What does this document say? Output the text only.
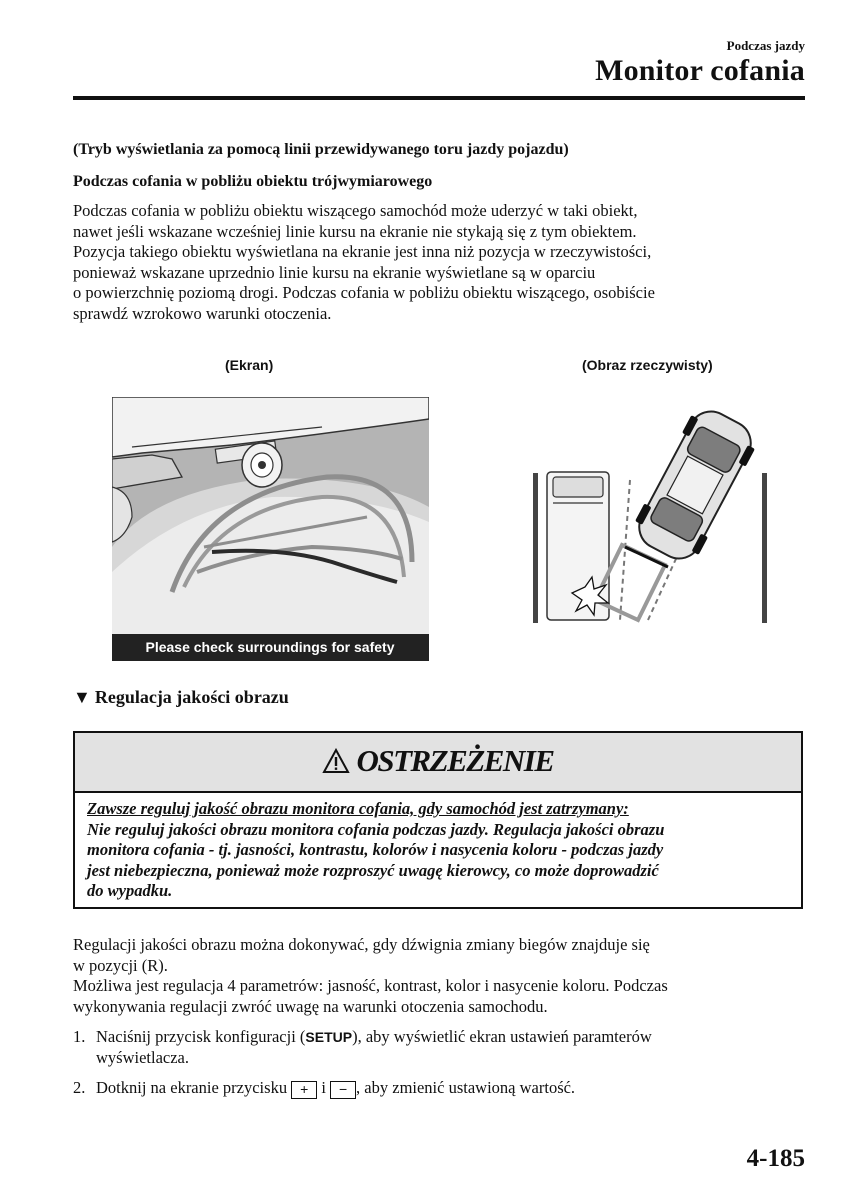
Podczas jazdy
Monitor cofania
(Tryb wyświetlania za pomocą linii przewidywanego toru jazdy pojazdu)
Podczas cofania w pobliżu obiektu trójwymiarowego
Podczas cofania w pobliżu obiektu wiszącego samochód może uderzyć w taki obiekt,
nawet jeśli wskazane wcześniej linie kursu na ekranie nie stykają się z tym obiektem.
Pozycja takiego obiektu wyświetlana na ekranie jest inna niż pozycja w rzeczywistości,
ponieważ wskazane uprzednio linie kursu na ekranie wyświetlane są w oparciu
o powierzchnię poziomą drogi. Podczas cofania w pobliżu obiektu wiszącego, osobiście
sprawdź wzrokowo warunki otoczenia.
(Ekran)	(Obraz rzeczywisty)
Please check surroundings for safety
▼ Regulacja jakości obrazu
OSTRZEŻENIE
Zawsze reguluj jakość obrazu monitora cofania, gdy samochód jest zatrzymany:
Nie reguluj jakości obrazu monitora cofania podczas jazdy. Regulacja jakości obrazu
monitora cofania - tj. jasności, kontrastu, kolorów i nasycenia koloru - podczas jazdy
jest niebezpieczna, ponieważ może rozproszyć uwagę kierowcy, co może doprowadzić
do wypadku.
Regulacji jakości obrazu można dokonywać, gdy dźwignia zmiany biegów znajduje się
w pozycji (R).
Możliwa jest regulacja 4 parametrów: jasność, kontrast, kolor i nasycenie koloru. Podczas
wykonywania regulacji zwróć uwagę na warunki otoczenia samochodu.
1. Naciśnij przycisk konfiguracji (SETUP), aby wyświetlić ekran ustawień paramterów
wyświetlacza.
2. Dotknij na ekranie przycisku + i − , aby zmienić ustawioną wartość.
4-185
